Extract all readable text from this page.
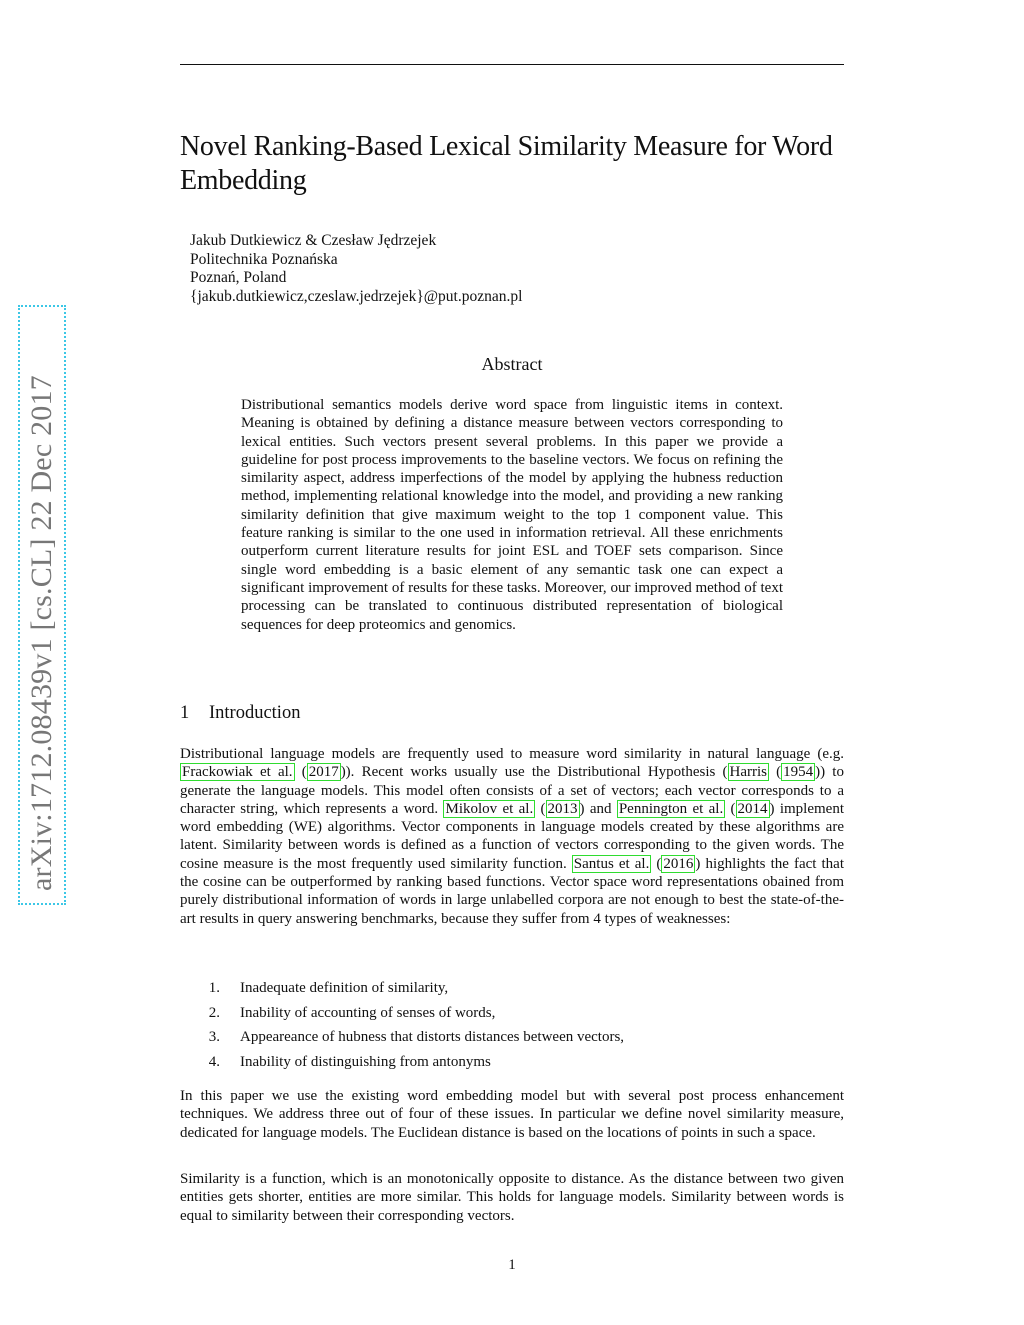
Novel Ranking-Based Lexical Similarity Measure for Word Embedding
Jakub Dutkiewicz & Czesław Jędrzejek
Politechnika Poznańska
Poznań, Poland
{jakub.dutkiewicz,czeslaw.jedrzejek}@put.poznan.pl
arXiv:1712.08439v1 [cs.CL] 22 Dec 2017
Abstract

Distributional semantics models derive word space from linguistic items in context. Meaning is obtained by defining a distance measure between vectors corresponding to lexical entities. Such vectors present several problems. In this paper we provide a guideline for post process improvements to the baseline vectors. We focus on refining the similarity aspect, address imperfections of the model by applying the hubness reduction method, implementing relational knowledge into the model, and providing a new ranking similarity definition that give maximum weight to the top 1 component value. This feature ranking is similar to the one used in information retrieval. All these enrichments outperform current literature results for joint ESL and TOEF sets comparison. Since single word embedding is a basic element of any semantic task one can expect a significant improvement of results for these tasks. Moreover, our improved method of text processing can be translated to continuous distributed representation of biological sequences for deep proteomics and genomics.

1 Introduction

Distributional language models are frequently used to measure word similarity in natural language (e.g. Frackowiak et al. ( 2017 )). Recent works usually use the Distributional Hypothesis ( Harris ( 1954 )) to generate the language models. This model often consists of a set of vectors; each vector corresponds to a character string, which represents a word. Mikolov et al. ( 2013 ) and Pennington et al. ( 2014 ) implement word embedding (WE) algorithms. Vector components in language models created by these algorithms are latent. Similarity between words is defined as a function of vectors corresponding to the given words. The cosine measure is the most frequently used similarity function. Santus et al. ( 2016 ) highlights the fact that the cosine can be outperformed by ranking based functions. Vector space word representations obained from purely distributional information of words in large unlabelled corpora are not enough to best the state-of-the-art results in query answering benchmarks, because they suffer from 4 types of weaknesses:

1. Inadequate definition of similarity,
2. Inability of accounting of senses of words,
3. Appeareance of hubness that distorts distances between vectors,
4. Inability of distinguishing from antonyms

In this paper we use the existing word embedding model but with several post process enhancement techniques. We address three out of four of these issues. In particular we define novel similarity measure, dedicated for language models. The Euclidean distance is based on the locations of points in such a space.

Similarity is a function, which is an monotonically opposite to distance. As the distance between two given entities gets shorter, entities are more similar. This holds for language models. Similarity between words is equal to similarity between their corresponding vectors.

1
